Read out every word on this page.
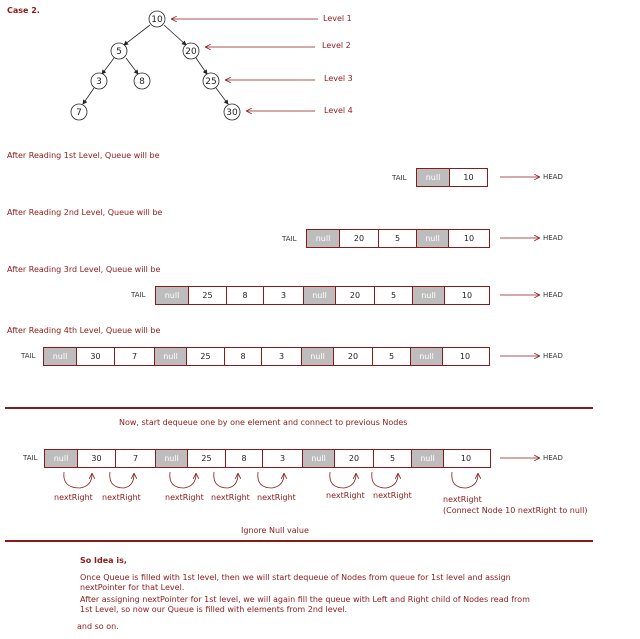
10
5	20
3	8	25
7	30
Case 2.
Level 1
Level 2
Level 3
Level 4
After Reading 1st Level, Queue will be
TAIL	null	10	HEAD
After Reading 2nd Level, Queue will be
TAIL	null	20	5	null	10	HEAD
After Reading 3rd Level, Queue will be
TAIL	null	25	8	3	null	20	5	null	10	HEAD
After Reading 4th Level, Queue will be
TAIL	null	30	7	null	25	8	3	null	20	5	null	10	HEAD
Now, start dequeue one by one element and connect to previous Nodes
TAIL	null	30	7	null	25	8	3	null	20	5	null	10	HEAD
nextRight nextRight	nextRight nextRight nextRight	nextRight nextRight	nextRight
(Connect Node 10 nextRight to null)
Ignore Null value
So Idea is,
Once Queue is filled with 1st level, then we will start dequeue of Nodes from queue for 1st level and assign nextPointer for that Level.
After assigning nextPointer for 1st level, we will again fill the queue with Left and Right child of Nodes read from 1st Level, so now our Queue is filled with elements from 2nd level.
and so on.
